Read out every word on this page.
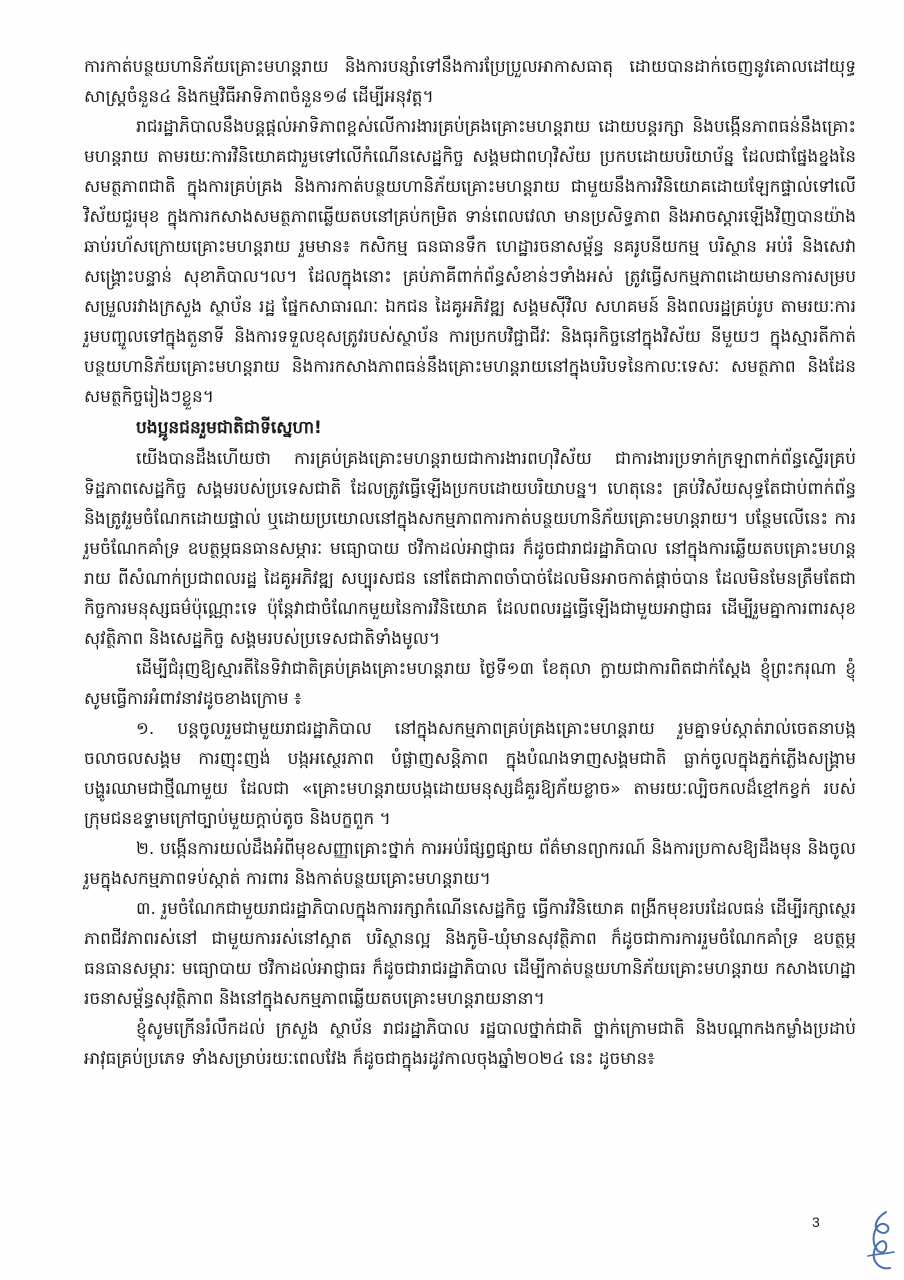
ការកាត់បន្ថយហានិភ័យគ្រោះមហន្តរាយ និងការបន្សាំទៅនឹងការប្រែប្រួលអាកាសធាតុ ដោយបានដាក់ចេញនូវគោលដៅយុទ្ធសាស្ត្រចំនួន៤ និងកម្មវិធីអាទិភាពចំនួន១៨ ដើម្បីអនុវត្ត។

រាជរដ្ឋាភិបាលនឹងបន្តផ្តល់អាទិភាពខ្ពស់លើការងារគ្រប់គ្រងគ្រោះមហន្តរាយ ដោយបន្តរក្សា និងបង្កើនភាពធន់នឹងគ្រោះមហន្តរាយ តាមរយៈការវិនិយោគជារួមទៅលើកំណើនសេដ្ឋកិច្ច សង្គមជាពហុវិស័យ ប្រកបដោយបរិយាប័ន្ន ដែលជាផ្នែងខ្នងនៃសមត្ថភាពជាតិ ក្នុងការគ្រប់គ្រង និងការកាត់បន្ថយហានិភ័យគ្រោះមហន្តរាយ ជាមួយនឹងការវិនិយោគដោយឡែកផ្ទាល់ទៅលើវិស័យជួរមុខ ក្នុងការកសាងសមត្ថភាពឆ្លើយតបនៅគ្រប់កម្រិត ទាន់ពេលវេលា មានប្រសិទ្ធភាព និងអាចស្តារឡើងវិញបានយ៉ាងឆាប់រហ័សក្រោយគ្រោះមហន្តរាយ រួមមាន៖ កសិកម្ម ធនធានទឹក ហេដ្ឋារចនាសម្ព័ន្ធ នគរូបនីយកម្ម បរិស្ថាន អប់រំ និងសេវាសង្គ្រោះបន្ទាន់ សុខាភិបាល។ល។ ដែលក្នុងនោះ គ្រប់ភាគីពាក់ព័ន្ធសំខាន់ៗទាំងអស់ ត្រូវធ្វើសកម្មភាពដោយមានការសម្របសម្រួលរវាងក្រសួង ស្ថាប័ន រដ្ឋ ផ្នែកសាធារណៈ ឯកជន ដៃគូអភិវឌ្ឍ សង្គមស៊ីវិល សហគមន៍ និងពលរដ្ឋគ្រប់រូប តាមរយៈការរួមបញ្ចូលទៅក្នុងតួនាទី និងការទទួលខុសត្រូវរបស់ស្ថាប័ន ការប្រកបវិជ្ជាជីវៈ និងធុរកិច្ចនៅក្នុងវិស័យ នីមួយៗ ក្នុងស្មារតីកាត់បន្ថយហានិភ័យគ្រោះមហន្តរាយ និងការកសាងភាពធន់នឹងគ្រោះមហន្តរាយនៅក្នុងបរិបទនៃកាលៈទេសៈ សមត្ថភាព និងដែនសមត្ថកិច្ចរៀងៗខ្លួន។

បងប្អូនជនរួមជាតិជាទីស្នេហា!

យើងបានដឹងហើយថា ការគ្រប់គ្រងគ្រោះមហន្តរាយជាការងារពហុវិស័យ ជាការងារប្រទាក់ក្រឡាពាក់ព័ន្ធស្ទើរគ្រប់ទិដ្ឋភាពសេដ្ឋកិច្ច សង្គមរបស់ប្រទេសជាតិ ដែលត្រូវធ្វើឡើងប្រកបដោយបរិយាបន្ន។ ហេតុនេះ គ្រប់វិស័យសុទ្ធតែជាប់ពាក់ព័ន្ធ និងត្រូវរួមចំណែកដោយផ្ទាល់ ឬដោយប្រយោលនៅក្នុងសកម្មភាពការកាត់បន្ថយហានិភ័យគ្រោះមហន្តរាយ។ បន្ថែមលើនេះ ការរួមចំណែកគាំទ្រ ឧបត្ថម្ភធនធានសម្ភារៈ មធ្យោបាយ ថវិកាដល់អាជ្ញាធរ ក៏ដូចជារាជរដ្ឋាភិបាល នៅក្នុងការឆ្លើយតបគ្រោះមហន្តរាយ ពីសំណាក់ប្រជាពលរដ្ឋ ដៃគូអភិវឌ្ឍ សប្បុរសជន នៅតែជាភាពចាំបាច់ដែលមិនអាចកាត់ផ្តាច់បាន ដែលមិនមែនត្រឹមតែជាកិច្ចការមនុស្សធម៌ប៉ុណ្ណោះទេ ប៉ុន្តែវាជាចំណែកមួយនៃការវិនិយោគ ដែលពលរដ្ឋធ្វើឡើងជាមួយអាជ្ញាធរ ដើម្បីរួមគ្នាការពារសុខសុវត្ថិភាព និងសេដ្ឋកិច្ច សង្គមរបស់ប្រទេសជាតិទាំងមូល។

ដើម្បីជំរុញឱ្យស្មារតីនៃទិវាជាតិគ្រប់គ្រងគ្រោះមហន្តរាយ ថ្ងៃទី១៣ ខែតុលា ក្លាយជាការពិតជាក់ស្តែង ខ្ញុំព្រះករុណា ខ្ញុំសូមធ្វើការអំពាវនាវដូចខាងក្រោម ៖

១. បន្តចូលរួមជាមួយរាជរដ្ឋាភិបាល នៅក្នុងសកម្មភាពគ្រប់គ្រងគ្រោះមហន្តរាយ រួមគ្នាទប់ស្កាត់រាល់ចេតនាបង្កចលាចលសង្គម ការញុះញង់ បង្កអស្ថេរភាព បំផ្លាញសន្តិភាព ក្នុងបំណងទាញសង្គមជាតិ ធ្លាក់ចូលក្នុងភ្នក់ភ្លើងសង្គ្រាមបង្ហូរឈាមជាថ្មីណាមួយ ដែលជា «គ្រោះមហន្តរាយបង្កដោយមនុស្សដ៏គួរឱ្យភ័យខ្លាច» តាមរយៈល្បិចកលដ៏ខ្មៅកខ្វក់ របស់ក្រុមជនឧទ្ទាមក្រៅច្បាប់មួយក្តាប់តូច និងបក្ខពួក ។

២. បង្កើនការយល់ដឹងអំពីមុខសញ្ញាគ្រោះថ្នាក់ ការអប់រំផ្សព្វផ្សាយ ព័ត៌មានព្យាករណ៍ និងការប្រកាសឱ្យដឹងមុន និងចូលរួមក្នុងសកម្មភាពទប់ស្កាត់ ការពារ និងកាត់បន្ថយគ្រោះមហន្តរាយ។

៣. រួមចំណែកជាមួយរាជរដ្ឋាភិបាលក្នុងការរក្សាកំណើនសេដ្ឋកិច្ច ធ្វើការវិនិយោគ ពង្រីកមុខរបរដែលធន់ ដើម្បីរក្សាស្ថេរភាពជីវភាពរស់នៅ ជាមួយការរស់នៅស្អាត បរិស្ថានល្អ និងភូមិ-ឃុំមានសុវត្ថិភាព ក៏ដូចជាការការរួមចំណែកគាំទ្រ ឧបត្ថម្ភធនធានសម្ភារៈ មធ្យោបាយ ថវិកាដល់អាជ្ញាធរ ក៏ដូចជារាជរដ្ឋាភិបាល ដើម្បីកាត់បន្ថយហានិភ័យគ្រោះមហន្តរាយ កសាងហេដ្ឋារចនាសម្ព័ន្ធសុវត្ថិភាព និងនៅក្នុងសកម្មភាពឆ្លើយតបគ្រោះមហន្តរាយនានា។

ខ្ញុំសូមក្រើនរំលឹកដល់ ក្រសួង ស្ថាប័ន រាជរដ្ឋាភិបាល រដ្ឋបាលថ្នាក់ជាតិ ថ្នាក់ក្រោមជាតិ និងបណ្តាកងកម្លាំងប្រដាប់អាវុធគ្រប់ប្រភេទ ទាំងសម្រាប់រយៈពេលវែង ក៏ដូចជាក្នុងរដូវកាលចុងឆ្នាំ២០២៤ នេះ ដូចមាន៖

3
